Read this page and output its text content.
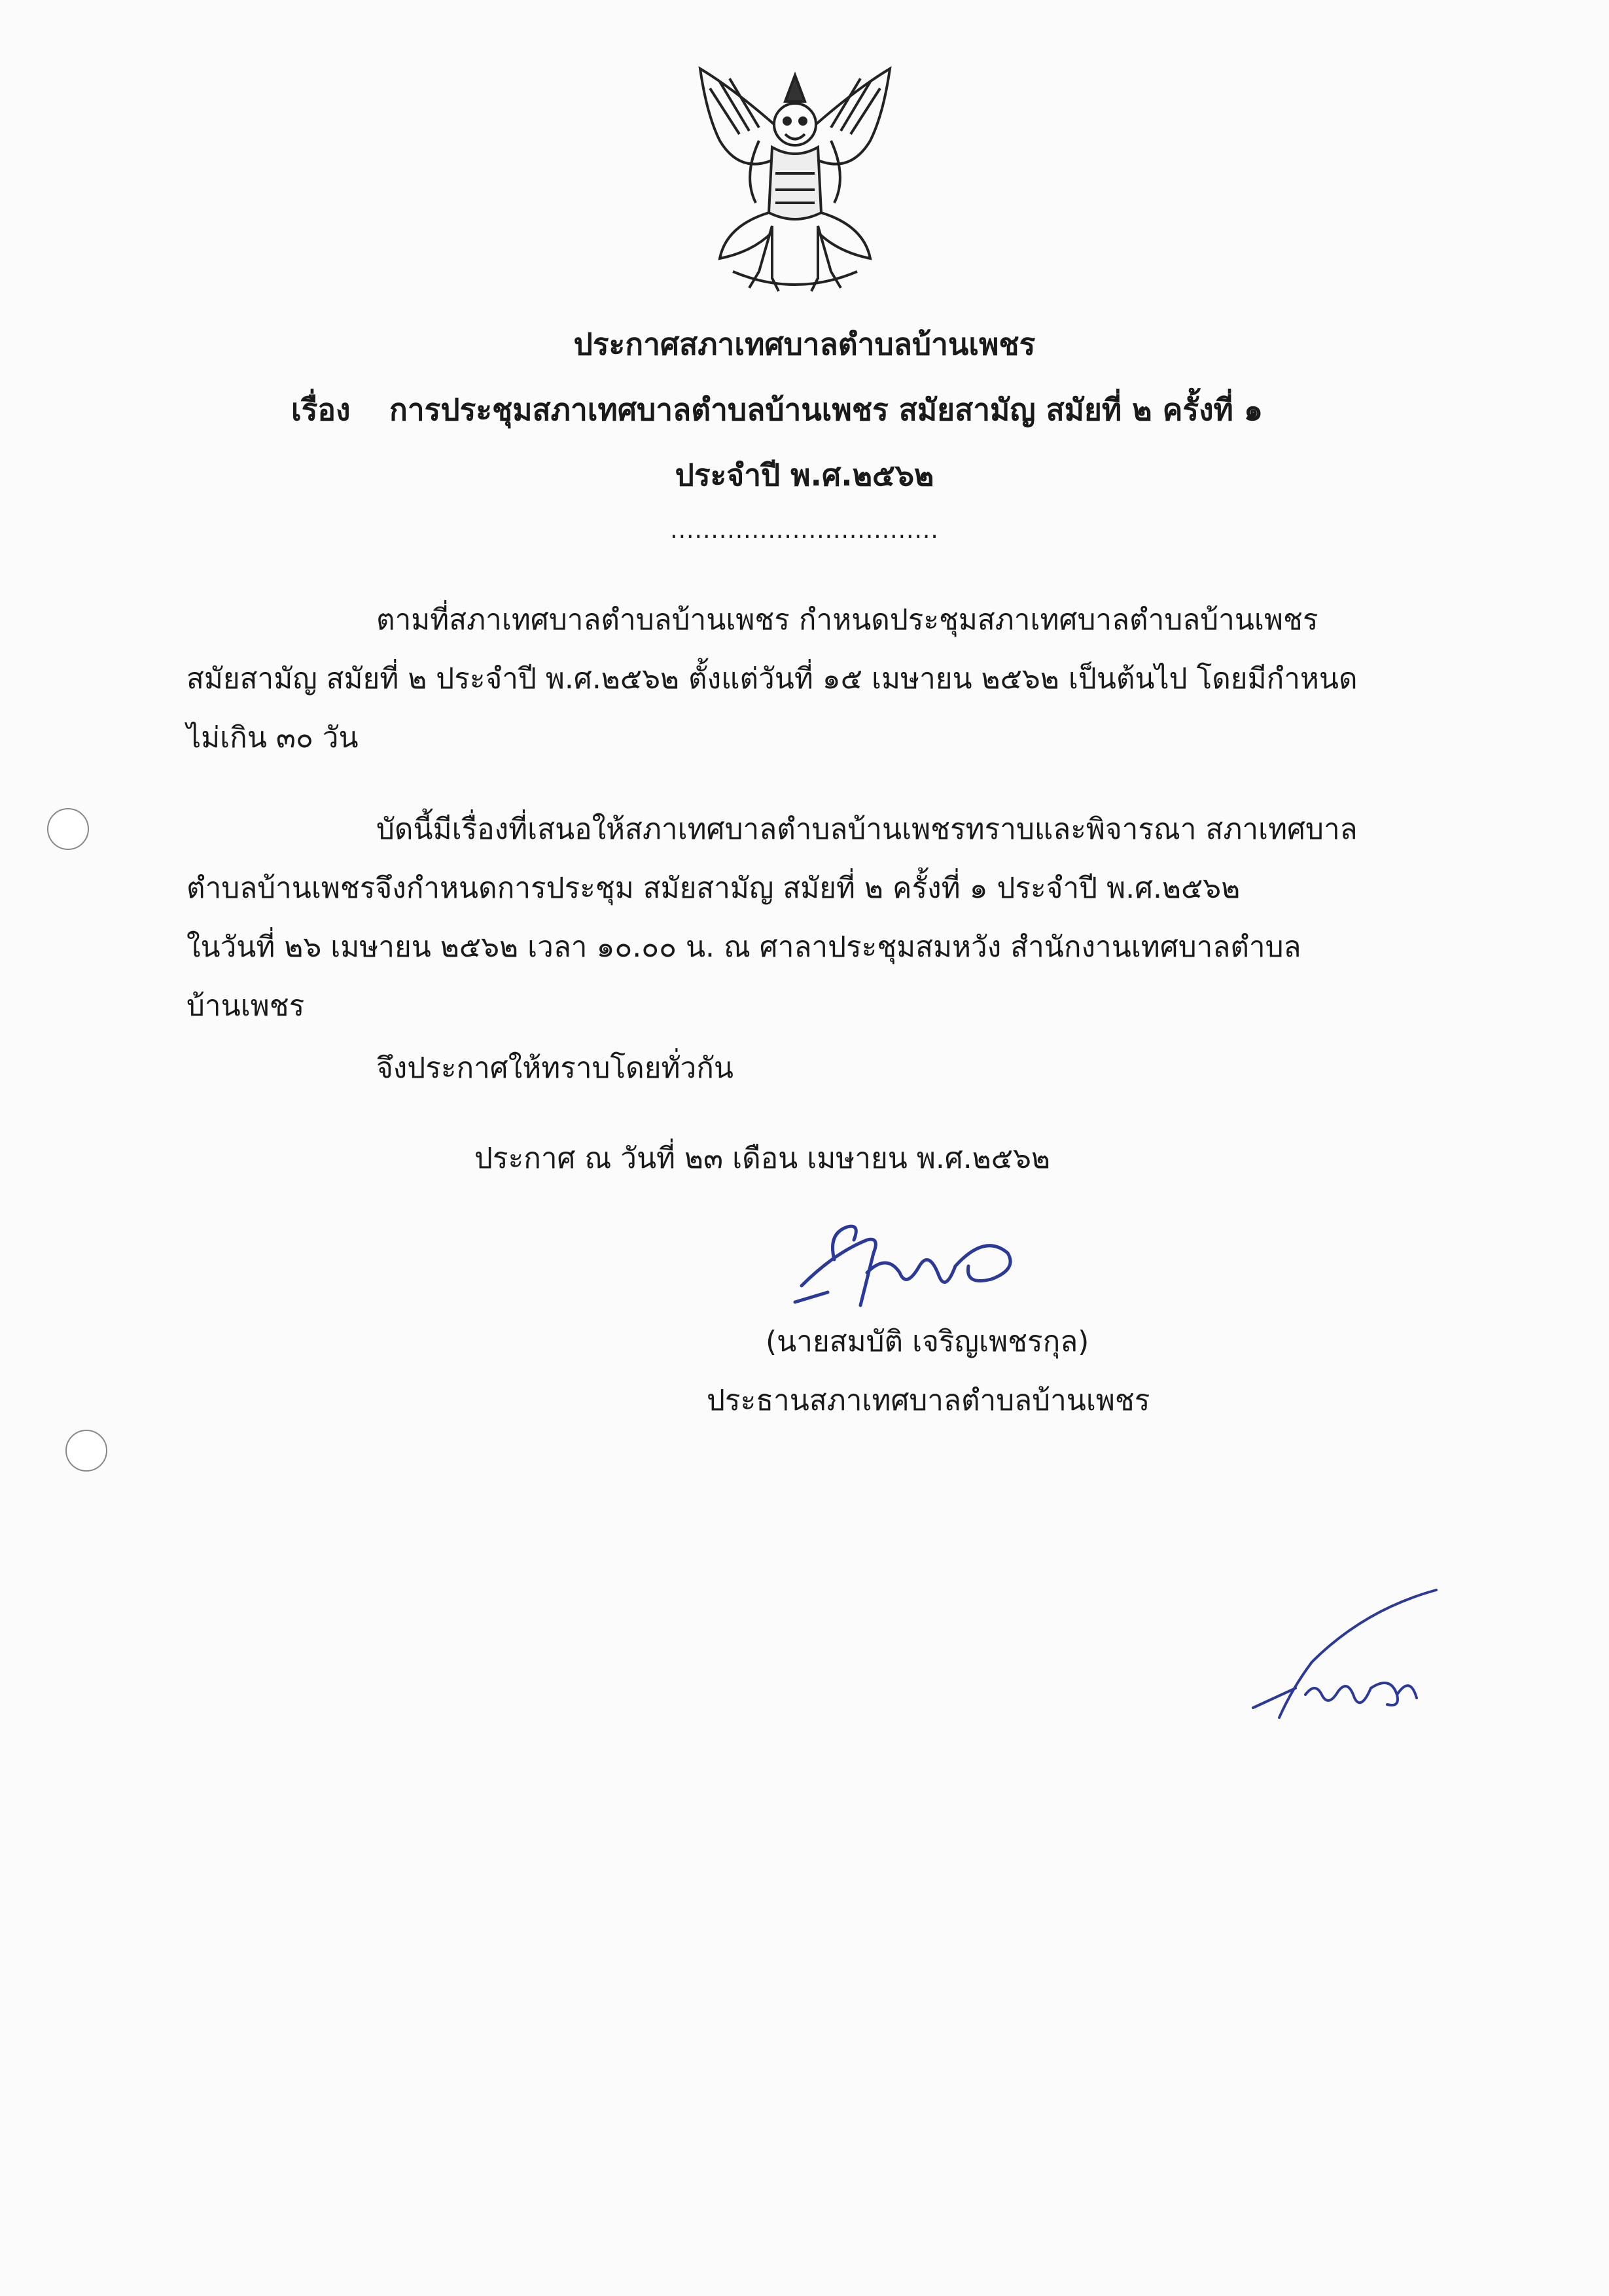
ประกาศสภาเทศบาลตำบลบ้านเพชร
เรื่อง การประชุมสภาเทศบาลตำบลบ้านเพชร สมัยสามัญ สมัยที่ ๒ ครั้งที่ ๑
ประจำปี พ.ศ.๒๕๖๒
.................................
ตามที่สภาเทศบาลตำบลบ้านเพชร กำหนดประชุมสภาเทศบาลตำบลบ้านเพชร
สมัยสามัญ สมัยที่ ๒ ประจำปี พ.ศ.๒๕๖๒ ตั้งแต่วันที่ ๑๕ เมษายน ๒๕๖๒ เป็นต้นไป โดยมีกำหนด
ไม่เกิน ๓๐ วัน
บัดนี้มีเรื่องที่เสนอให้สภาเทศบาลตำบลบ้านเพชรทราบและพิจารณา สภาเทศบาล
ตำบลบ้านเพชรจึงกำหนดการประชุม สมัยสามัญ สมัยที่ ๒ ครั้งที่ ๑ ประจำปี พ.ศ.๒๕๖๒
ในวันที่ ๒๖ เมษายน ๒๕๖๒ เวลา ๑๐.๐๐ น. ณ ศาลาประชุมสมหวัง สำนักงานเทศบาลตำบล
บ้านเพชร
จึงประกาศให้ทราบโดยทั่วกัน
ประกาศ ณ วันที่ ๒๓ เดือน เมษายน พ.ศ.๒๕๖๒
(นายสมบัติ เจริญเพชรกุล)
ประธานสภาเทศบาลตำบลบ้านเพชร
